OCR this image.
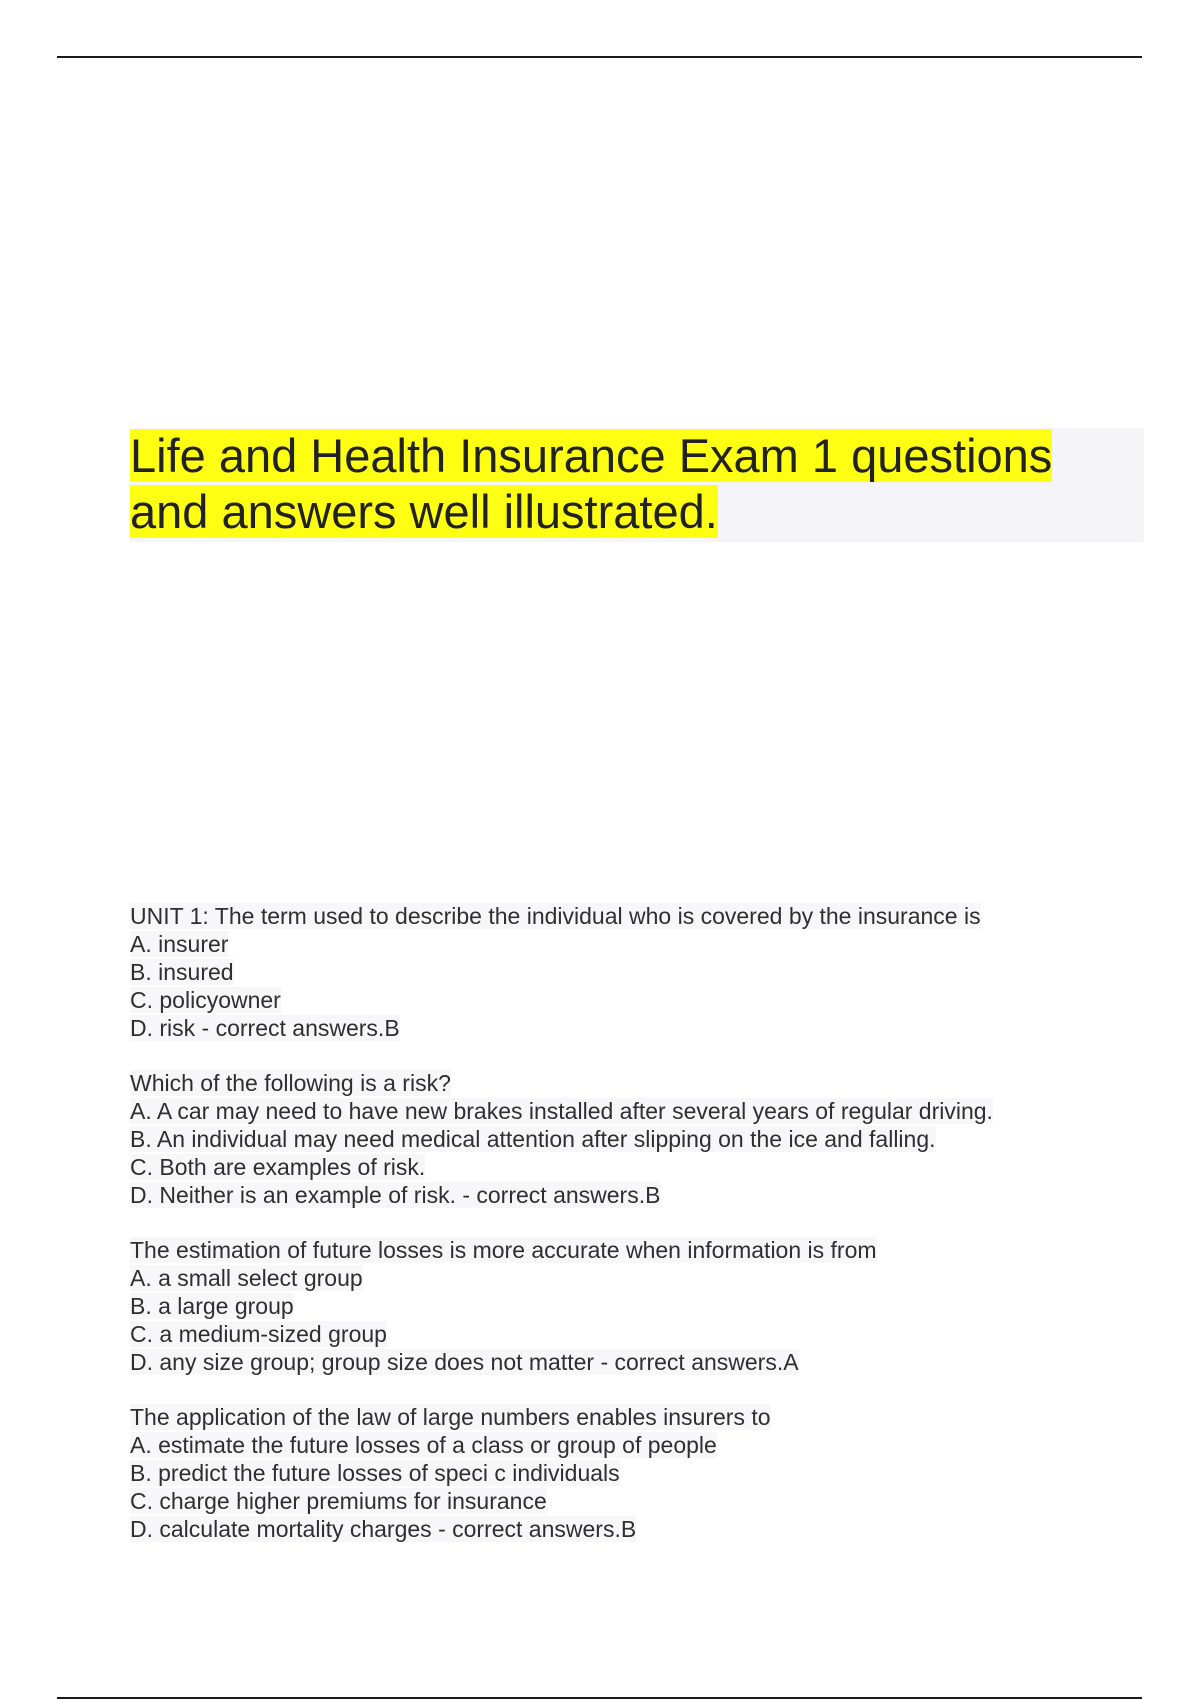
Life and Health Insurance Exam 1 questions
and answers well illustrated.
UNIT 1: The term used to describe the individual who is covered by the insurance is
A. insurer
B. insured
C. policyowner
D. risk - correct answers.B
Which of the following is a risk?
A. A car may need to have new brakes installed after several years of regular driving.
B. An individual may need medical attention after slipping on the ice and falling.
C. Both are examples of risk.
D. Neither is an example of risk. - correct answers.B
The estimation of future losses is more accurate when information is from
A. a small select group
B. a large group
C. a medium-sized group
D. any size group; group size does not matter - correct answers.A
The application of the law of large numbers enables insurers to
A. estimate the future losses of a class or group of people
B. predict the future losses of speci c individuals
C. charge higher premiums for insurance
D. calculate mortality charges - correct answers.B
